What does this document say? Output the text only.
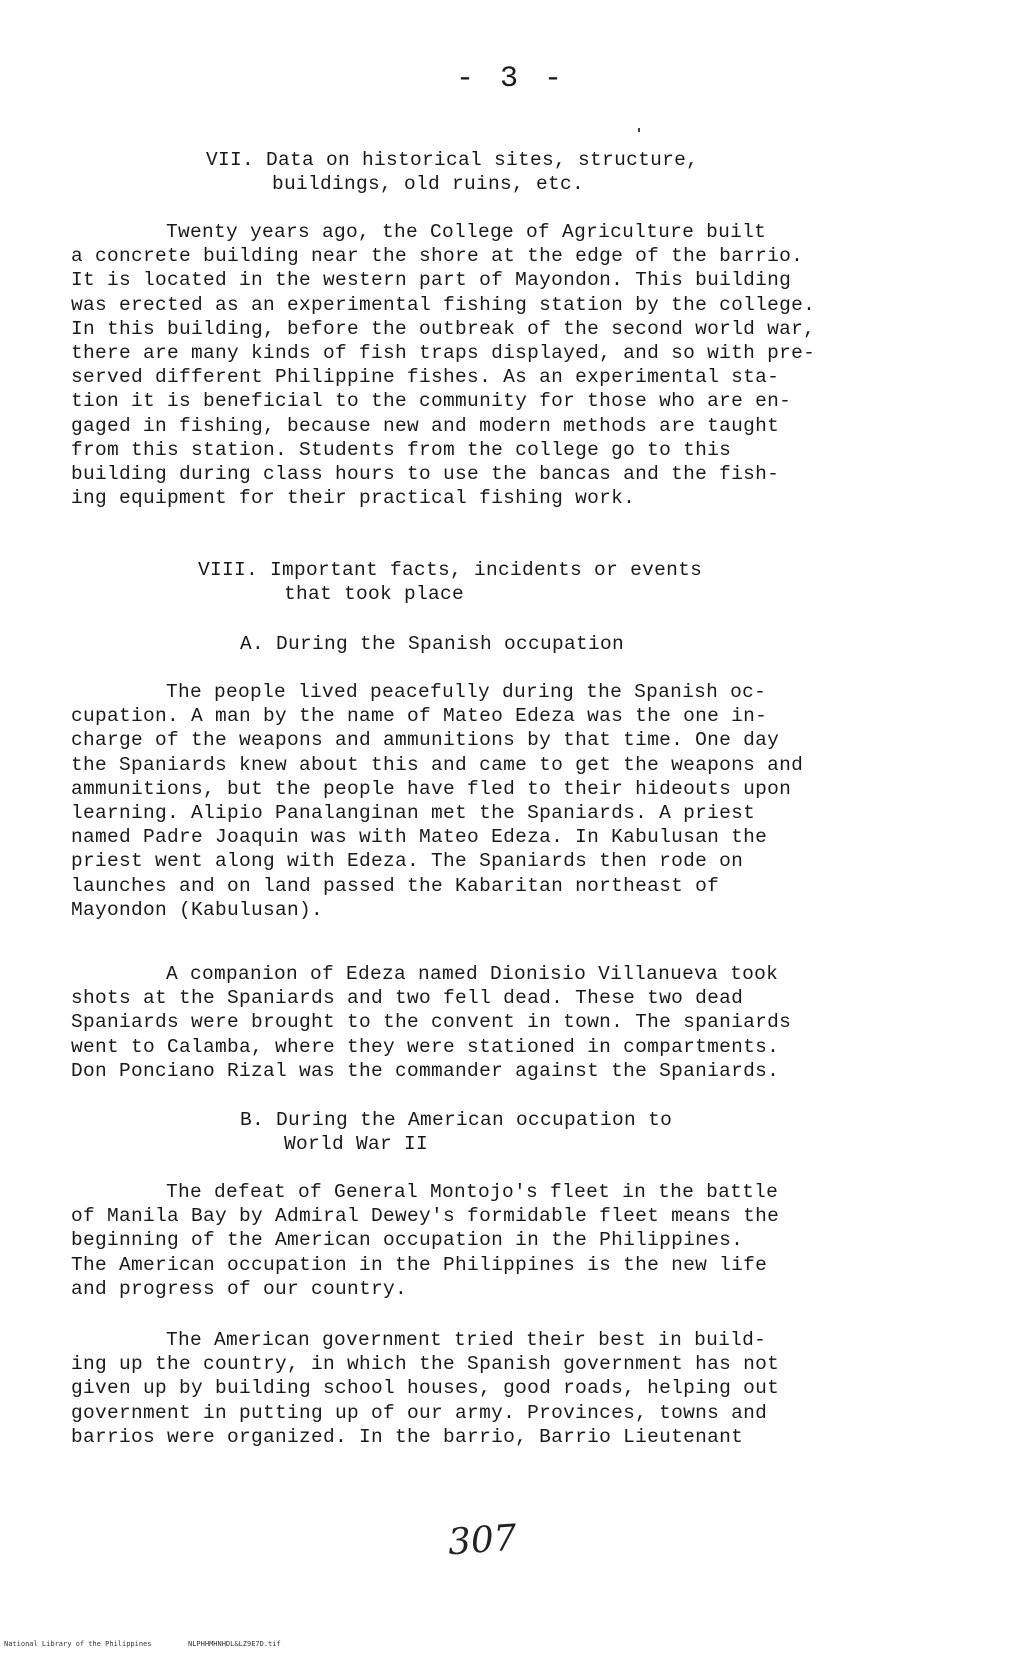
- 3 -
VII. Data on historical sites, structure,
buildings, old ruins, etc.
Twenty years ago, the College of Agriculture built
a concrete building near the shore at the edge of the barrio.
It is located in the western part of Mayondon. This building
was erected as an experimental fishing station by the college.
In this building, before the outbreak of the second world war,
there are many kinds of fish traps displayed, and so with pre-
served different Philippine fishes. As an experimental sta-
tion it is beneficial to the community for those who are en-
gaged in fishing, because new and modern methods are taught
from this station. Students from the college go to this
building during class hours to use the bancas and the fish-
ing equipment for their practical fishing work.
VIII. Important facts, incidents or events
that took place
A. During the Spanish occupation
The people lived peacefully during the Spanish oc-
cupation. A man by the name of Mateo Edeza was the one in-
charge of the weapons and ammunitions by that time. One day
the Spaniards knew about this and came to get the weapons and
ammunitions, but the people have fled to their hideouts upon
learning. Alipio Panalanginan met the Spaniards. A priest
named Padre Joaquin was with Mateo Edeza. In Kabulusan the
priest went along with Edeza. The Spaniards then rode on
launches and on land passed the Kabaritan northeast of
Mayondon (Kabulusan).
A companion of Edeza named Dionisio Villanueva took
shots at the Spaniards and two fell dead. These two dead
Spaniards were brought to the convent in town. The spaniards
went to Calamba, where they were stationed in compartments.
Don Ponciano Rizal was the commander against the Spaniards.
B. During the American occupation to
World War II
The defeat of General Montojo's fleet in the battle
of Manila Bay by Admiral Dewey's formidable fleet means the
beginning of the American occupation in the Philippines.
The American occupation in the Philippines is the new life
and progress of our country.
The American government tried their best in build-
ing up the country, in which the Spanish government has not
given up by building school houses, good roads, helping out
government in putting up of our army. Provinces, towns and
barrios were organized. In the barrio, Barrio Lieutenant
307
National Library of the Philippines	NLPHHMHNHDL&LZ9E7D.tif
